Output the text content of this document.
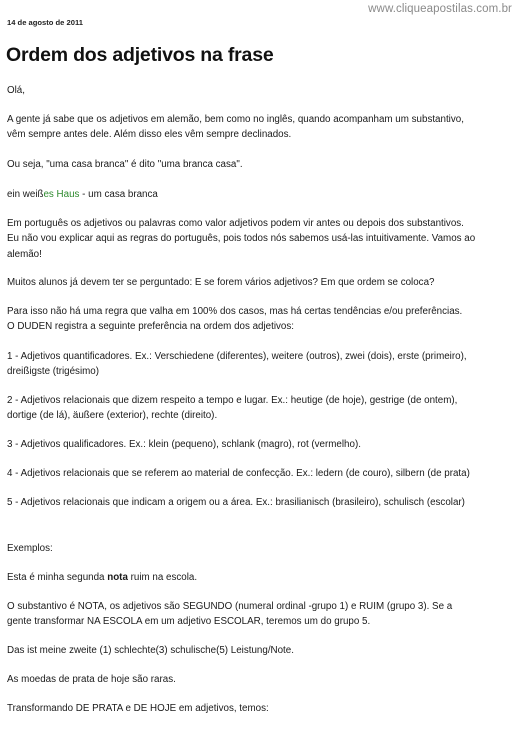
www.cliqueapostilas.com.br
14 de agosto de 2011
Ordem dos adjetivos na frase

Olá,

A gente já sabe que os adjetivos em alemão, bem como no inglês, quando acompanham um substantivo, vêm sempre antes dele. Além disso eles vêm sempre declinados.

Ou seja, "uma casa branca" é dito "uma branca casa".

ein weißes Haus - um casa branca

Em português os adjetivos ou palavras como valor adjetivos podem vir antes ou depois dos substantivos. Eu não vou explicar aqui as regras do português, pois todos nós sabemos usá-las intuitivamente. Vamos ao alemão!

Muitos alunos já devem ter se perguntado: E se forem vários adjetivos? Em que ordem se coloca?

Para isso não há uma regra que valha em 100% dos casos, mas há certas tendências e/ou preferências.

O DUDEN registra a seguinte preferência na ordem dos adjetivos:

1 - Adjetivos quantificadores. Ex.: Verschiedene (diferentes), weitere (outros), zwei (dois), erste (primeiro), dreißigste (trigésimo)

2 - Adjetivos relacionais que dizem respeito a tempo e lugar. Ex.: heutige (de hoje), gestrige (de ontem), dortige (de lá), äußere (exterior), rechte (direito).

3 - Adjetivos qualificadores. Ex.: klein (pequeno), schlank (magro), rot (vermelho).

4 - Adjetivos relacionais que se referem ao material de confecção. Ex.: ledern (de couro), silbern (de prata)

5 - Adjetivos relacionais que indicam a origem ou a área. Ex.: brasilianisch (brasileiro), schulisch (escolar)

Exemplos:

Esta é minha segunda nota ruim na escola.

O substantivo é NOTA, os adjetivos são SEGUNDO (numeral ordinal -grupo 1) e RUIM (grupo 3). Se a gente transformar NA ESCOLA em um adjetivo ESCOLAR, teremos um do grupo 5.

Das ist meine zweite (1) schlechte(3) schulische(5) Leistung/Note.

As moedas de prata de hoje são raras.

Transformando DE PRATA e DE HOJE em adjetivos, temos:
